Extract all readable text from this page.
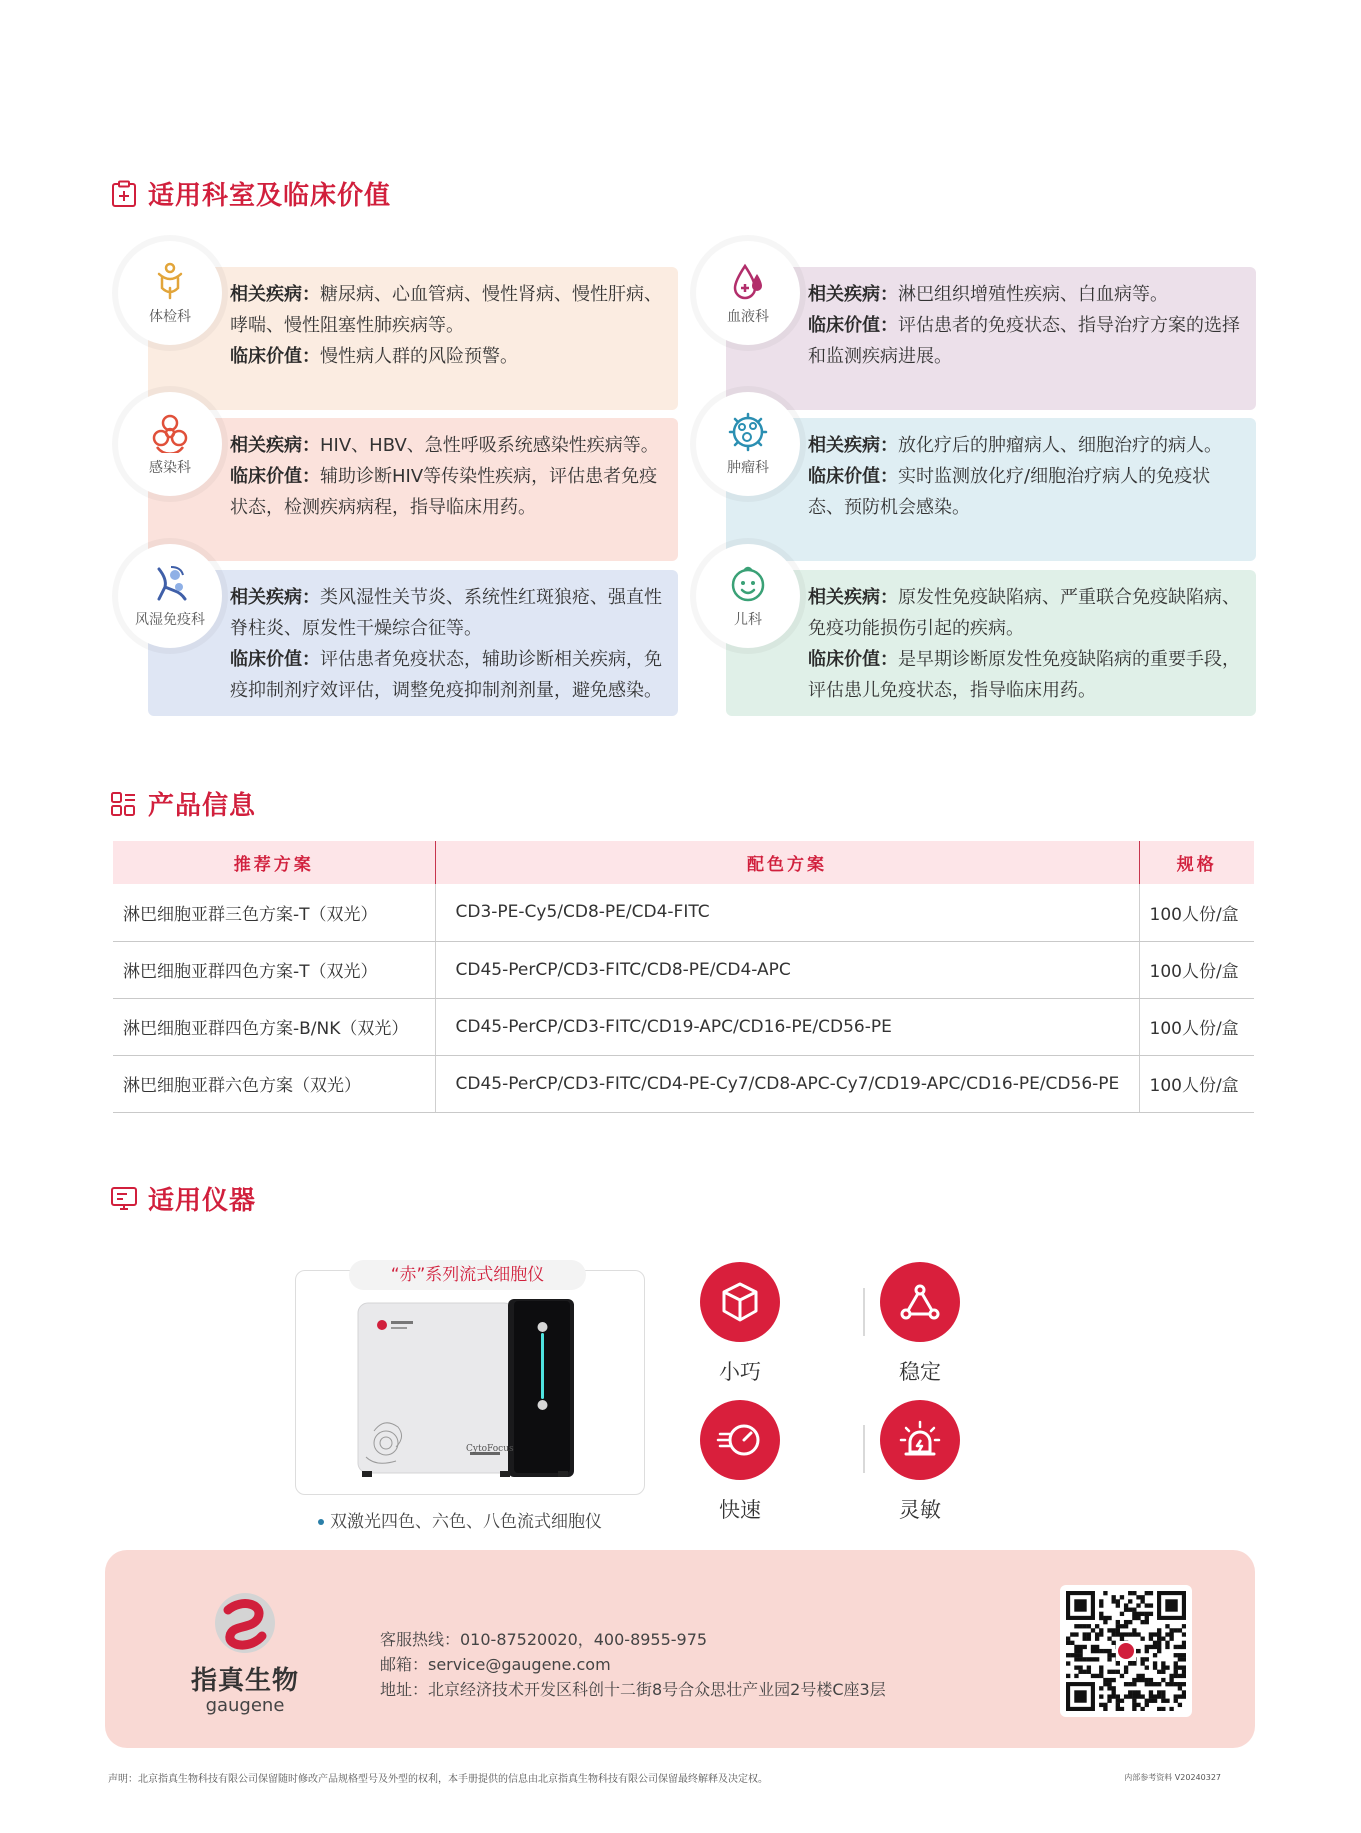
适用科室及临床价值
相关疾病：糖尿病、心血管病、慢性肾病、慢性肝病、哮喘、慢性阻塞性肺疾病等。
临床价值：慢性病人群的风险预警。
体检科
相关疾病：淋巴组织增殖性疾病、白血病等。
临床价值：评估患者的免疫状态、指导治疗方案的选择和监测疾病进展。
血液科
相关疾病：HIV、HBV、急性呼吸系统感染性疾病等。
临床价值：辅助诊断HIV等传染性疾病，评估患者免疫状态，检测疾病病程，指导临床用药。
感染科
相关疾病：放化疗后的肿瘤病人、细胞治疗的病人。
临床价值：实时监测放化疗/细胞治疗病人的免疫状态、预防机会感染。
肿瘤科
相关疾病：类风湿性关节炎、系统性红斑狼疮、强直性脊柱炎、原发性干燥综合征等。
临床价值：评估患者免疫状态，辅助诊断相关疾病，免疫抑制剂疗效评估，调整免疫抑制剂剂量，避免感染。
风湿免疫科
相关疾病：原发性免疫缺陷病、严重联合免疫缺陷病、免疫功能损伤引起的疾病。
临床价值：是早期诊断原发性免疫缺陷病的重要手段，评估患儿免疫状态，指导临床用药。
儿科
产品信息
推荐方案	配色方案	规格
淋巴细胞亚群三色方案-T（双光）	CD3-PE-Cy5/CD8-PE/CD4-FITC	100人份/盒
淋巴细胞亚群四色方案-T（双光）	CD45-PerCP/CD3-FITC/CD8-PE/CD4-APC	100人份/盒
淋巴细胞亚群四色方案-B/NK（双光）	CD45-PerCP/CD3-FITC/CD19-APC/CD16-PE/CD56-PE	100人份/盒
淋巴细胞亚群六色方案（双光）	CD45-PerCP/CD3-FITC/CD4-PE-Cy7/CD8-APC-Cy7/CD19-APC/CD16-PE/CD56-PE	100人份/盒
适用仪器
CytoFocus
“赤”系列流式细胞仪
双激光四色、六色、八色流式细胞仪
小巧	稳定
快速	灵敏
指真生物
gaugene
客服热线：010-87520020，400-8955-975
邮箱：service@gaugene.com
地址：北京经济技术开发区科创十二街8号合众思壮产业园2号楼C座3层
声明：北京指真生物科技有限公司保留随时修改产品规格型号及外型的权利，本手册提供的信息由北京指真生物科技有限公司保留最终解释及决定权。	内部参考资料 V20240327
